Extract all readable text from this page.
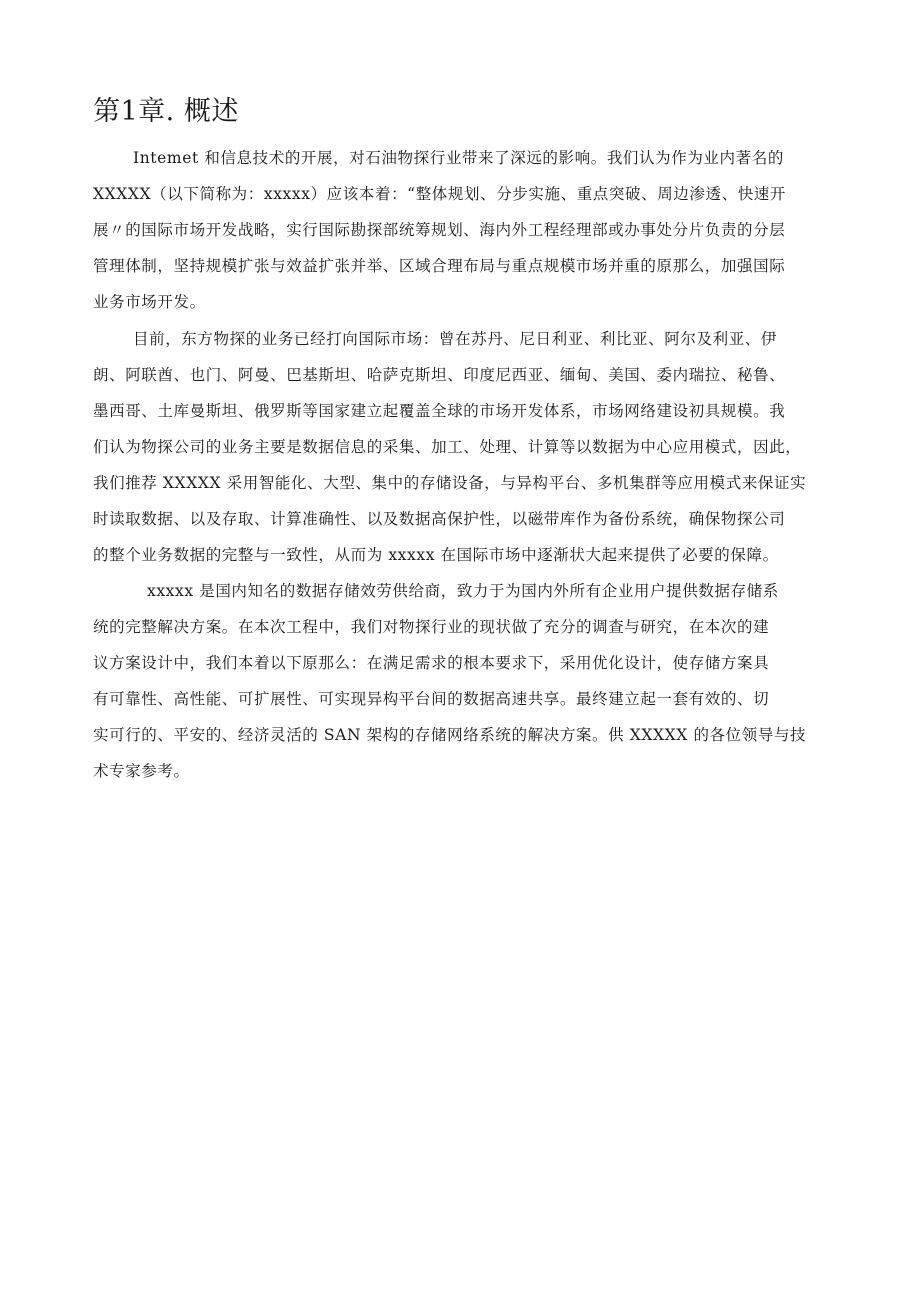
第1章. 概述

Intemet 和信息技术的开展，对石油物探行业带来了深远的影响。我们认为作为业内著名的

XXXXX（以下简称为：xxxxx）应该本着：“整体规划、分步实施、重点突破、周边渗透、快速开

展〃的国际市场开发战略，实行国际勘探部统筹规划、海内外工程经理部或办事处分片负责的分层

管理体制，坚持规模扩张与效益扩张并举、区域合理布局与重点规模市场并重的原那么，加强国际

业务市场开发。

目前，东方物探的业务已经打向国际市场：曾在苏丹、尼日利亚、利比亚、阿尔及利亚、伊

朗、阿联酋、也门、阿曼、巴基斯坦、哈萨克斯坦、印度尼西亚、缅甸、美国、委内瑞拉、秘鲁、

墨西哥、土库曼斯坦、俄罗斯等国家建立起覆盖全球的市场开发体系，市场网络建设初具规模。我

们认为物探公司的业务主要是数据信息的采集、加工、处理、计算等以数据为中心应用模式，因此，

我们推荐 XXXXX 采用智能化、大型、集中的存储设备，与异构平台、多机集群等应用模式来保证实

时读取数据、以及存取、计算准确性、以及数据高保护性，以磁带库作为备份系统，确保物探公司

的整个业务数据的完整与一致性，从而为 xxxxx 在国际市场中逐渐状大起来提供了必要的保障。

xxxxx 是国内知名的数据存储效劳供给商，致力于为国内外所有企业用户提供数据存储系

统的完整解决方案。在本次工程中，我们对物探行业的现状做了充分的调查与研究，在本次的建

议方案设计中，我们本着以下原那么：在满足需求的根本要求下，采用优化设计，使存储方案具

有可靠性、高性能、可扩展性、可实现异构平台间的数据高速共享。最终建立起一套有效的、切

实可行的、平安的、经济灵活的 SAN 架构的存储网络系统的解决方案。供 XXXXX 的各位领导与技

术专家参考。
